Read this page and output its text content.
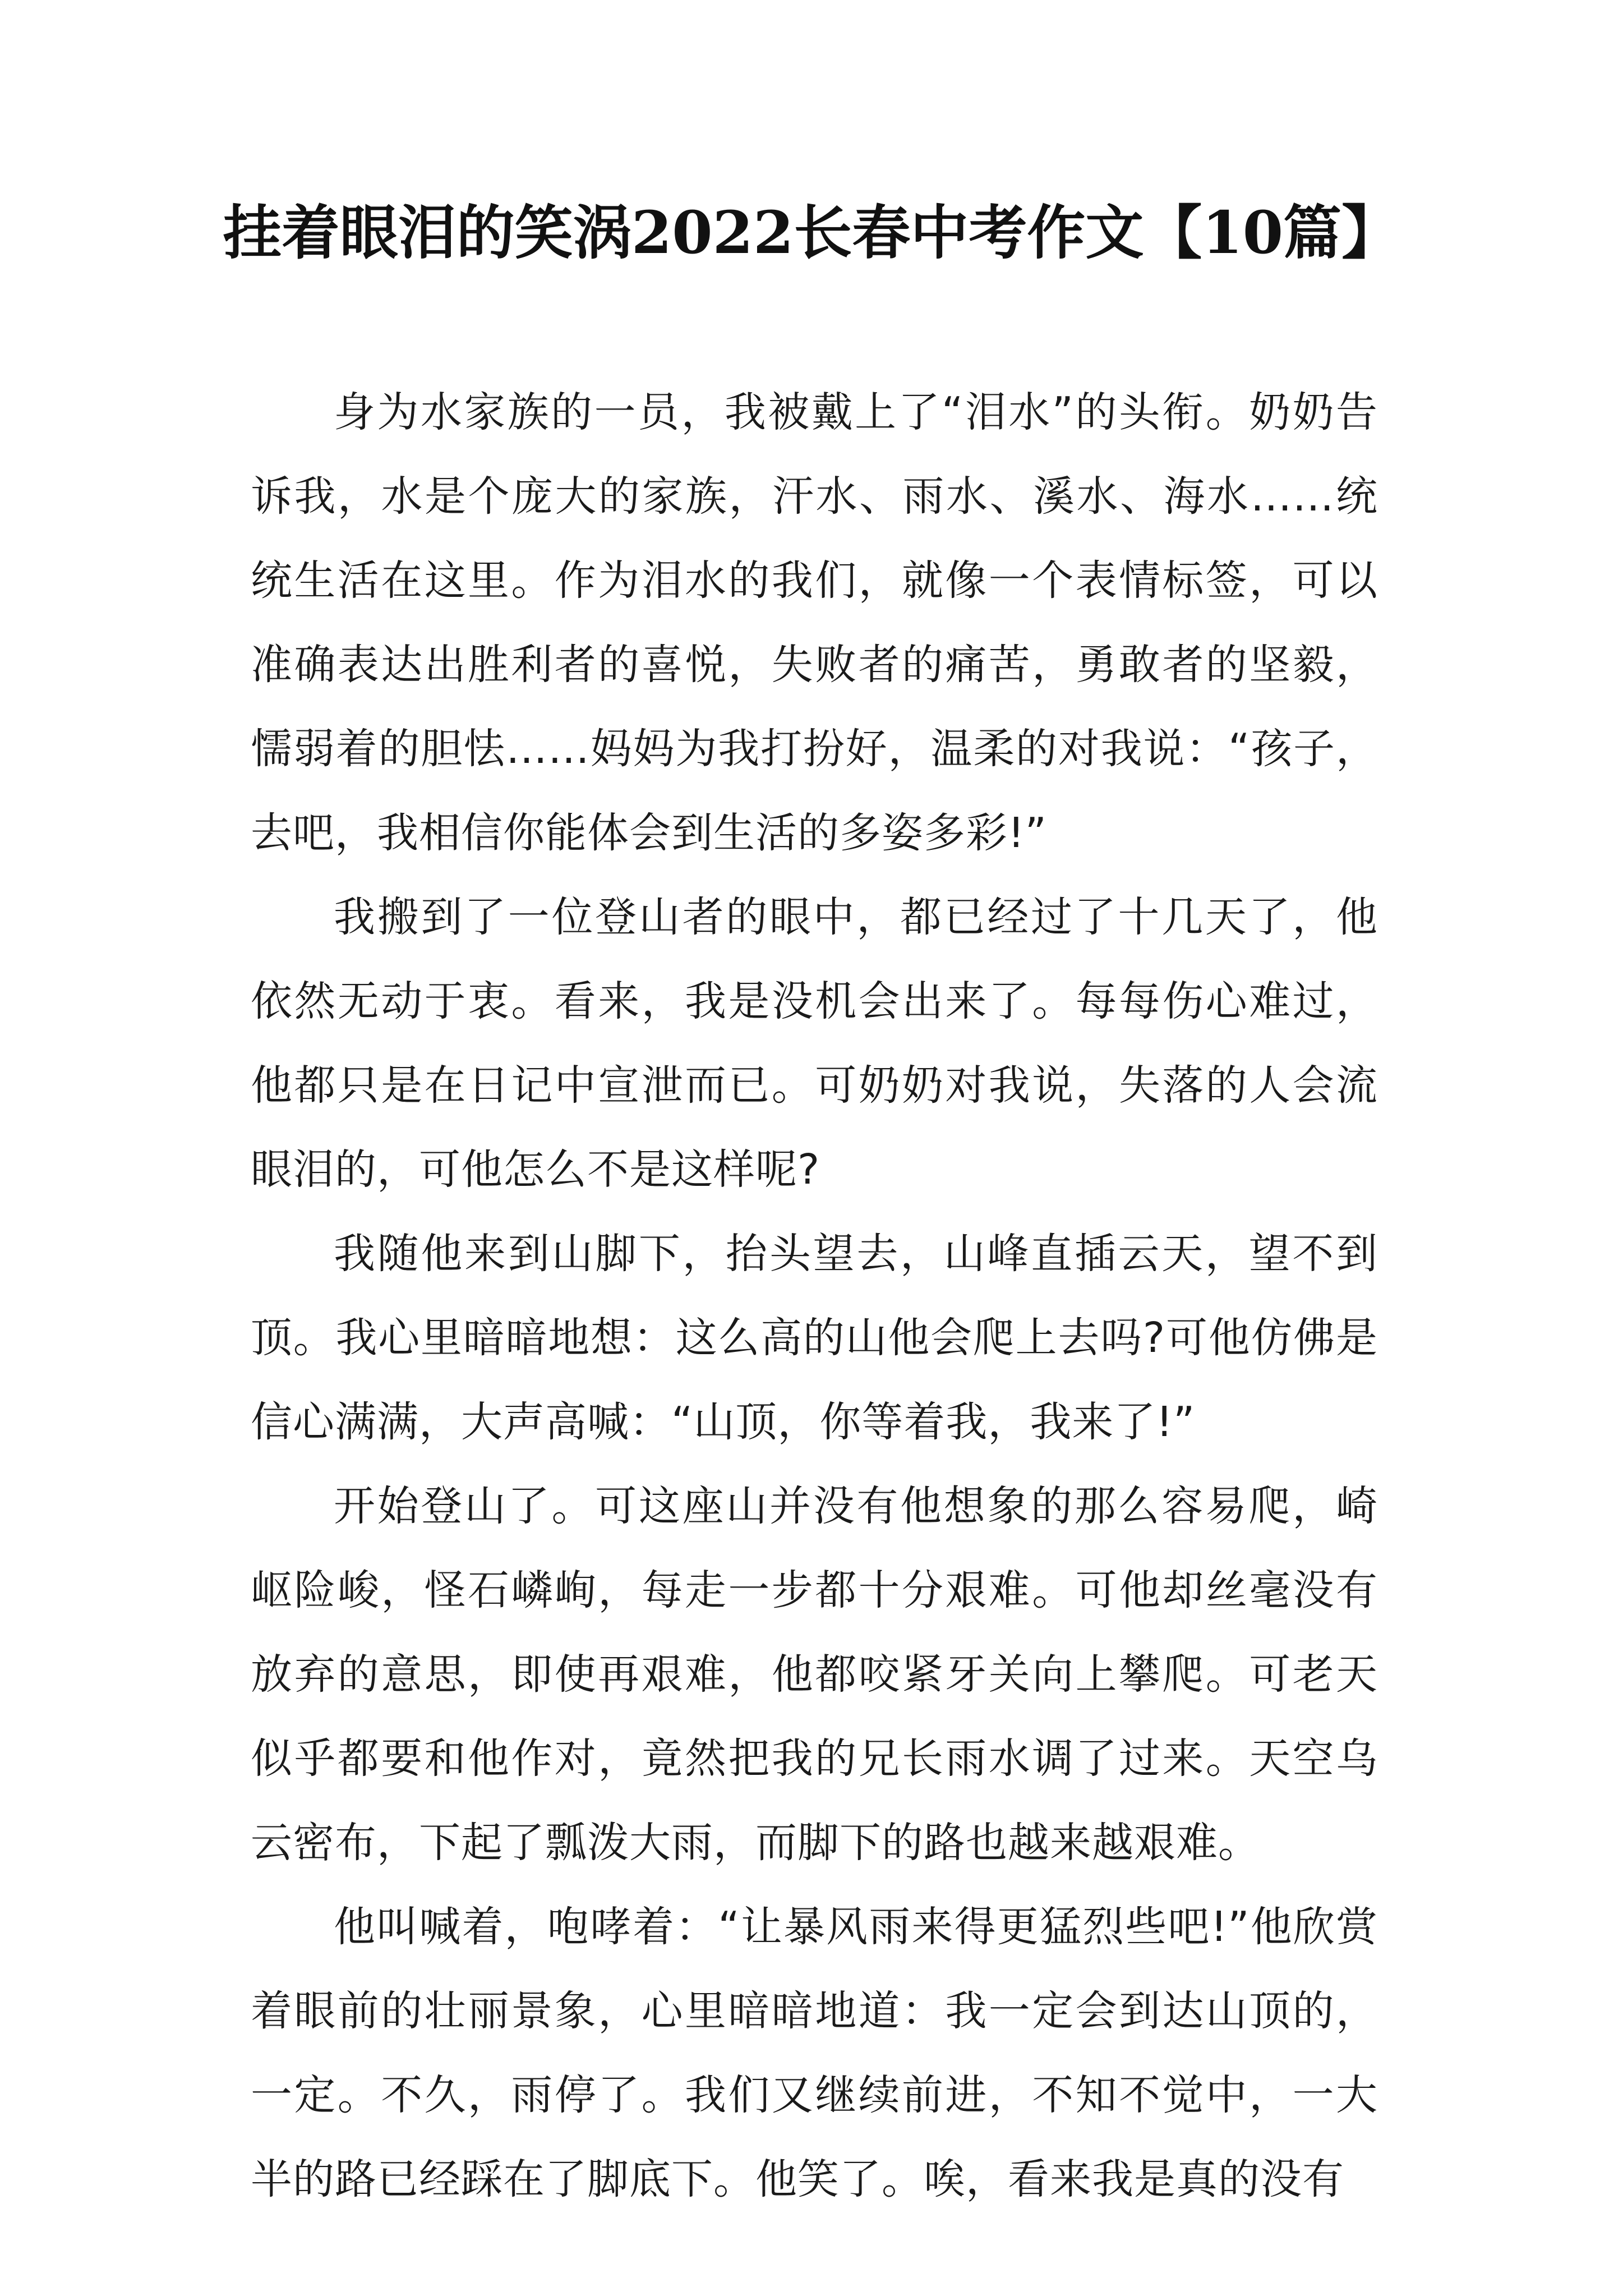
挂着眼泪的笑涡2022长春中考作文【10篇】

身为水家族的一员，我被戴上了“泪水”的头衔。奶奶告诉我，水是个庞大的家族，汗水、雨水、溪水、海水……统统生活在这里。作为泪水的我们，就像一个表情标签，可以准确表达出胜利者的喜悦，失败者的痛苦，勇敢者的坚毅，懦弱着的胆怯……妈妈为我打扮好，温柔的对我说：“孩子，去吧，我相信你能体会到生活的多姿多彩!”

我搬到了一位登山者的眼中，都已经过了十几天了，他依然无动于衷。看来，我是没机会出来了。每每伤心难过，他都只是在日记中宣泄而已。可奶奶对我说，失落的人会流眼泪的，可他怎么不是这样呢?

我随他来到山脚下，抬头望去，山峰直插云天，望不到顶。我心里暗暗地想：这么高的山他会爬上去吗?可他仿佛是信心满满，大声高喊：“山顶，你等着我，我来了!”

开始登山了。可这座山并没有他想象的那么容易爬，崎岖险峻，怪石嶙峋，每走一步都十分艰难。可他却丝毫没有放弃的意思，即使再艰难，他都咬紧牙关向上攀爬。可老天似乎都要和他作对，竟然把我的兄长雨水调了过来。天空乌云密布，下起了瓢泼大雨，而脚下的路也越来越艰难。

他叫喊着，咆哮着：“让暴风雨来得更猛烈些吧!”他欣赏着眼前的壮丽景象，心里暗暗地道：我一定会到达山顶的，一定。不久，雨停了。我们又继续前进，不知不觉中，一大半的路已经踩在了脚底下。他笑了。唉，看来我是真的没有
